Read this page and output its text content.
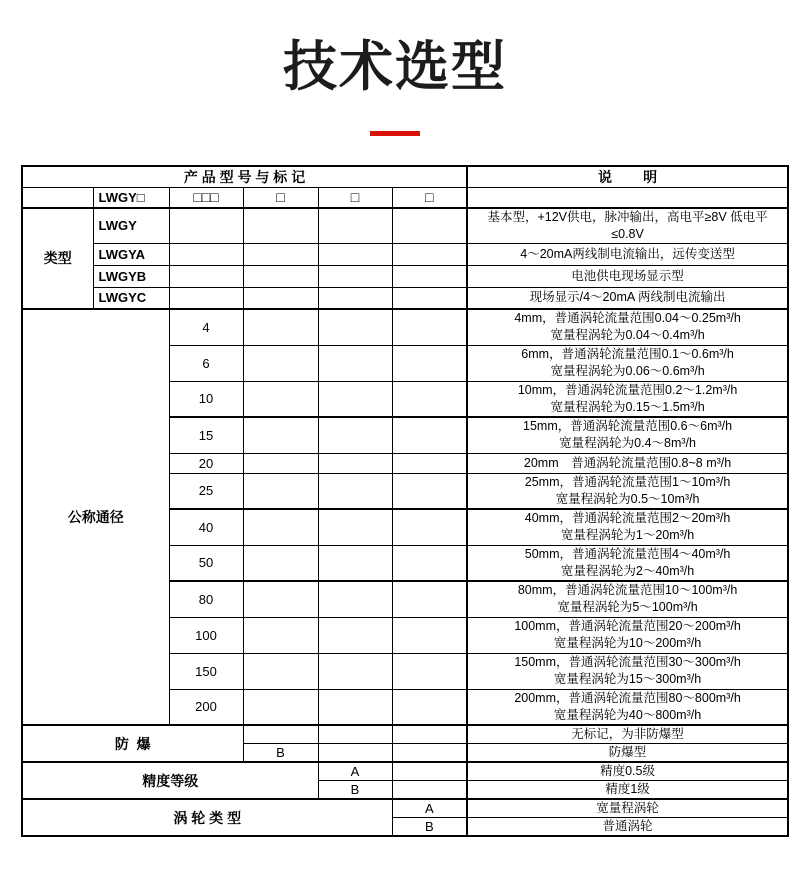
技术选型
产 品 型 号 与 标 记						说        明
	LWGY□	□□□	□	□	□	
类型	LWGY					基本型，+12V供电，脉冲输出，高电平≥8V 低电平≤0.8V
	LWGYA					4～20mA两线制电流输出，远传变送型
	LWGYB					电池供电现场显示型
	LWGYC					现场显示/4～20mA 两线制电流输出
公称通径		4				4mm，普通涡轮流量范围0.04～0.25m³/h
宽量程涡轮为0.04～0.4m³/h

		6				6mm，普通涡轮流量范围0.1～0.6m³/h
宽量程涡轮为0.06～0.6m³/h

		10				10mm，普通涡轮流量范围0.2～1.2m³/h
宽量程涡轮为0.15～1.5m³/h

		15				15mm，普通涡轮流量范围0.6～6m³/h
宽量程涡轮为0.4～8m³/h

		20				20mm　普通涡轮流量范围0.8~8 m³/h

		25				25mm，普通涡轮流量范围1～10m³/h
宽量程涡轮为0.5～10m³/h

		40				40mm，普通涡轮流量范围2～20m³/h
宽量程涡轮为1～20m³/h

		50				50mm，普通涡轮流量范围4～40m³/h
宽量程涡轮为2～40m³/h

		80				80mm，普通涡轮流量范围10～100m³/h
宽量程涡轮为5～100m³/h

		100				100mm，普通涡轮流量范围20～200m³/h
宽量程涡轮为10～200m³/h

		150				150mm，普通涡轮流量范围30～300m³/h
宽量程涡轮为15～300m³/h

		200				200mm，普通涡轮流量范围80～800m³/h
宽量程涡轮为40～800m³/h

防  爆						无标记，为非防爆型
			B			防爆型
精度等级				A		精度0.5级
				B		精度1级
涡 轮 类 型					A	宽量程涡轮
					B	普通涡轮
